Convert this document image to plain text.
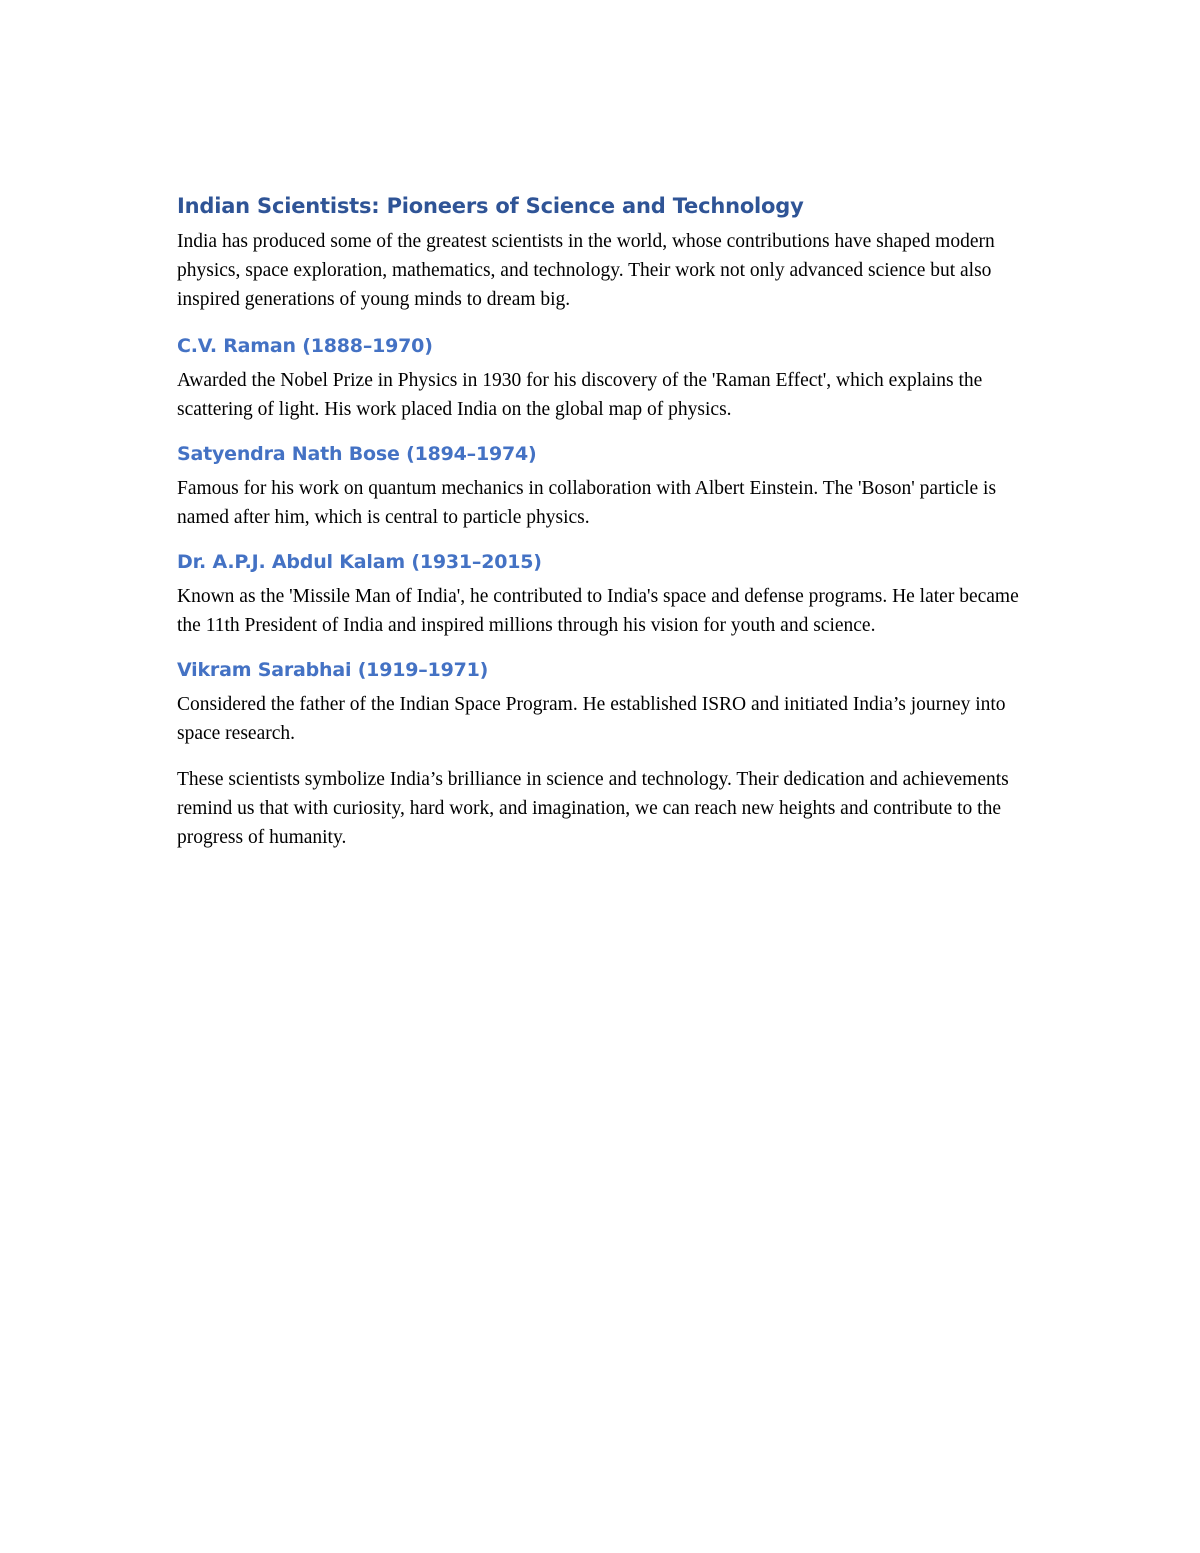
Indian Scientists: Pioneers of Science and Technology

India has produced some of the greatest scientists in the world, whose contributions have shaped modern physics, space exploration, mathematics, and technology. Their work not only advanced science but also inspired generations of young minds to dream big.

C.V. Raman (1888–1970)

Awarded the Nobel Prize in Physics in 1930 for his discovery of the 'Raman Effect', which explains the scattering of light. His work placed India on the global map of physics.

Satyendra Nath Bose (1894–1974)

Famous for his work on quantum mechanics in collaboration with Albert Einstein. The 'Boson' particle is named after him, which is central to particle physics.

Dr. A.P.J. Abdul Kalam (1931–2015)

Known as the 'Missile Man of India', he contributed to India's space and defense programs. He later became the 11th President of India and inspired millions through his vision for youth and science.

Vikram Sarabhai (1919–1971)

Considered the father of the Indian Space Program. He established ISRO and initiated India’s journey into space research.

These scientists symbolize India’s brilliance in science and technology. Their dedication and achievements remind us that with curiosity, hard work, and imagination, we can reach new heights and contribute to the progress of humanity.
